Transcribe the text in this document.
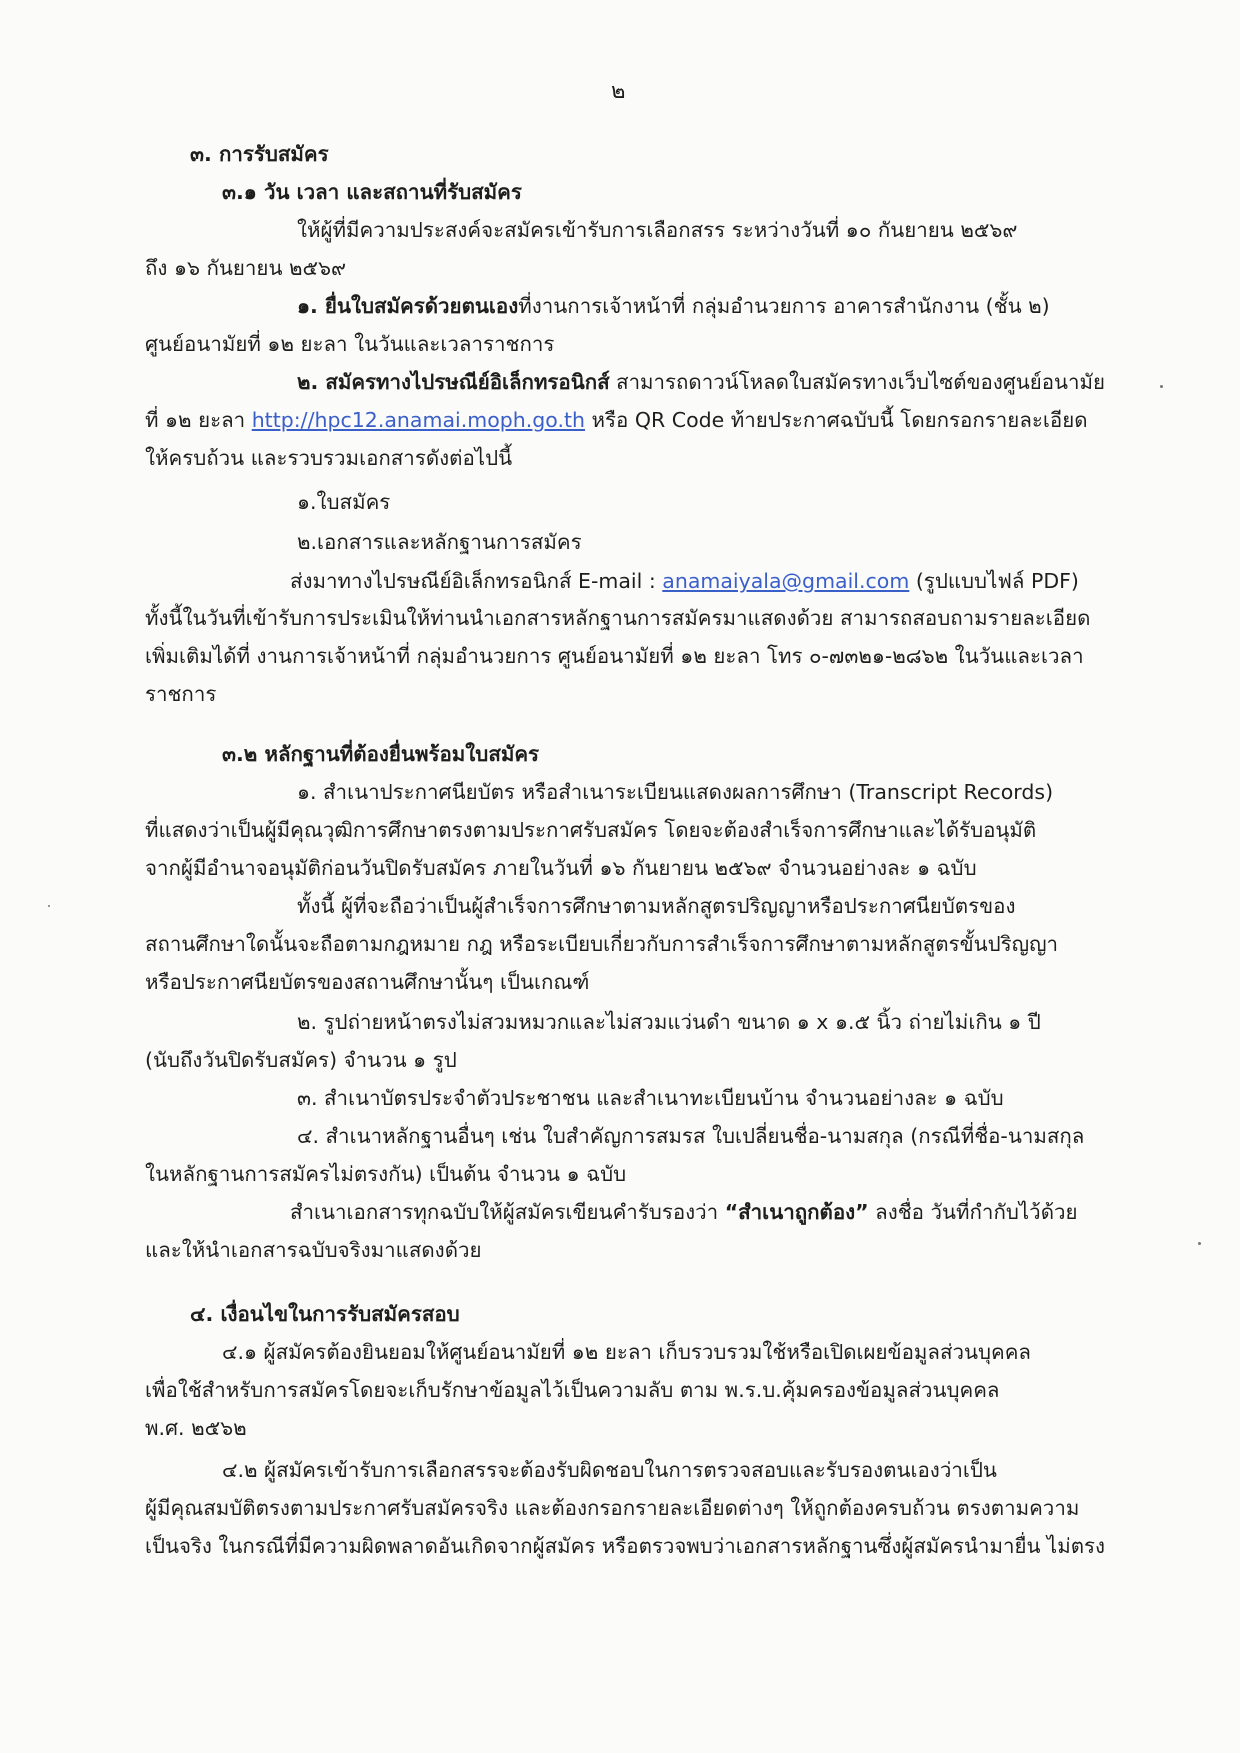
๒
๓. การรับสมัคร
๓.๑ วัน เวลา และสถานที่รับสมัคร
ให้ผู้ที่มีความประสงค์จะสมัครเข้ารับการเลือกสรร ระหว่างวันที่ ๑๐ กันยายน ๒๕๖๙
ถึง ๑๖ กันยายน ๒๕๖๙
๑. ยื่นใบสมัครด้วยตนเองที่งานการเจ้าหน้าที่ กลุ่มอำนวยการ อาคารสำนักงาน (ชั้น ๒)
ศูนย์อนามัยที่ ๑๒ ยะลา ในวันและเวลาราชการ
๒. สมัครทางไปรษณีย์อิเล็กทรอนิกส์ สามารถดาวน์โหลดใบสมัครทางเว็บไซต์ของศูนย์อนามัย
ที่ ๑๒ ยะลา http://hpc12.anamai.moph.go.th หรือ QR Code ท้ายประกาศฉบับนี้ โดยกรอกรายละเอียด
ให้ครบถ้วน และรวบรวมเอกสารดังต่อไปนี้
๑.ใบสมัคร
๒.เอกสารและหลักฐานการสมัคร
ส่งมาทางไปรษณีย์อิเล็กทรอนิกส์ E-mail : anamaiyala@gmail.com (รูปแบบไฟล์ PDF)
ทั้งนี้ในวันที่เข้ารับการประเมินให้ท่านนำเอกสารหลักฐานการสมัครมาแสดงด้วย สามารถสอบถามรายละเอียด
เพิ่มเติมได้ที่ งานการเจ้าหน้าที่ กลุ่มอำนวยการ ศูนย์อนามัยที่ ๑๒ ยะลา โทร ๐-๗๓๒๑-๒๘๖๒ ในวันและเวลา
ราชการ
๓.๒ หลักฐานที่ต้องยื่นพร้อมใบสมัคร
๑. สำเนาประกาศนียบัตร หรือสำเนาระเบียนแสดงผลการศึกษา (Transcript Records)
ที่แสดงว่าเป็นผู้มีคุณวุฒิการศึกษาตรงตามประกาศรับสมัคร โดยจะต้องสำเร็จการศึกษาและได้รับอนุมัติ
จากผู้มีอำนาจอนุมัติก่อนวันปิดรับสมัคร ภายในวันที่ ๑๖ กันยายน ๒๕๖๙ จำนวนอย่างละ ๑ ฉบับ
ทั้งนี้ ผู้ที่จะถือว่าเป็นผู้สำเร็จการศึกษาตามหลักสูตรปริญญาหรือประกาศนียบัตรของ
สถานศึกษาใดนั้นจะถือตามกฎหมาย กฎ หรือระเบียบเกี่ยวกับการสำเร็จการศึกษาตามหลักสูตรขั้นปริญญา
หรือประกาศนียบัตรของสถานศึกษานั้นๆ เป็นเกณฑ์
๒. รูปถ่ายหน้าตรงไม่สวมหมวกและไม่สวมแว่นดำ ขนาด ๑ x ๑.๕ นิ้ว ถ่ายไม่เกิน ๑ ปี
(นับถึงวันปิดรับสมัคร) จำนวน ๑ รูป
๓. สำเนาบัตรประจำตัวประชาชน และสำเนาทะเบียนบ้าน จำนวนอย่างละ ๑ ฉบับ
๔. สำเนาหลักฐานอื่นๆ เช่น ใบสำคัญการสมรส ใบเปลี่ยนชื่อ-นามสกุล (กรณีที่ชื่อ-นามสกุล
ในหลักฐานการสมัครไม่ตรงกัน) เป็นต้น จำนวน ๑ ฉบับ
สำเนาเอกสารทุกฉบับให้ผู้สมัครเขียนคำรับรองว่า “สำเนาถูกต้อง” ลงชื่อ วันที่กำกับไว้ด้วย
และให้นำเอกสารฉบับจริงมาแสดงด้วย
๔. เงื่อนไขในการรับสมัครสอบ
๔.๑ ผู้สมัครต้องยินยอมให้ศูนย์อนามัยที่ ๑๒ ยะลา เก็บรวบรวมใช้หรือเปิดเผยข้อมูลส่วนบุคคล
เพื่อใช้สำหรับการสมัครโดยจะเก็บรักษาข้อมูลไว้เป็นความลับ ตาม พ.ร.บ.คุ้มครองข้อมูลส่วนบุคคล
พ.ศ. ๒๕๖๒
๔.๒ ผู้สมัครเข้ารับการเลือกสรรจะต้องรับผิดชอบในการตรวจสอบและรับรองตนเองว่าเป็น
ผู้มีคุณสมบัติตรงตามประกาศรับสมัครจริง และต้องกรอกรายละเอียดต่างๆ ให้ถูกต้องครบถ้วน ตรงตามความ
เป็นจริง ในกรณีที่มีความผิดพลาดอันเกิดจากผู้สมัคร หรือตรวจพบว่าเอกสารหลักฐานซึ่งผู้สมัครนำมายื่น ไม่ตรง
